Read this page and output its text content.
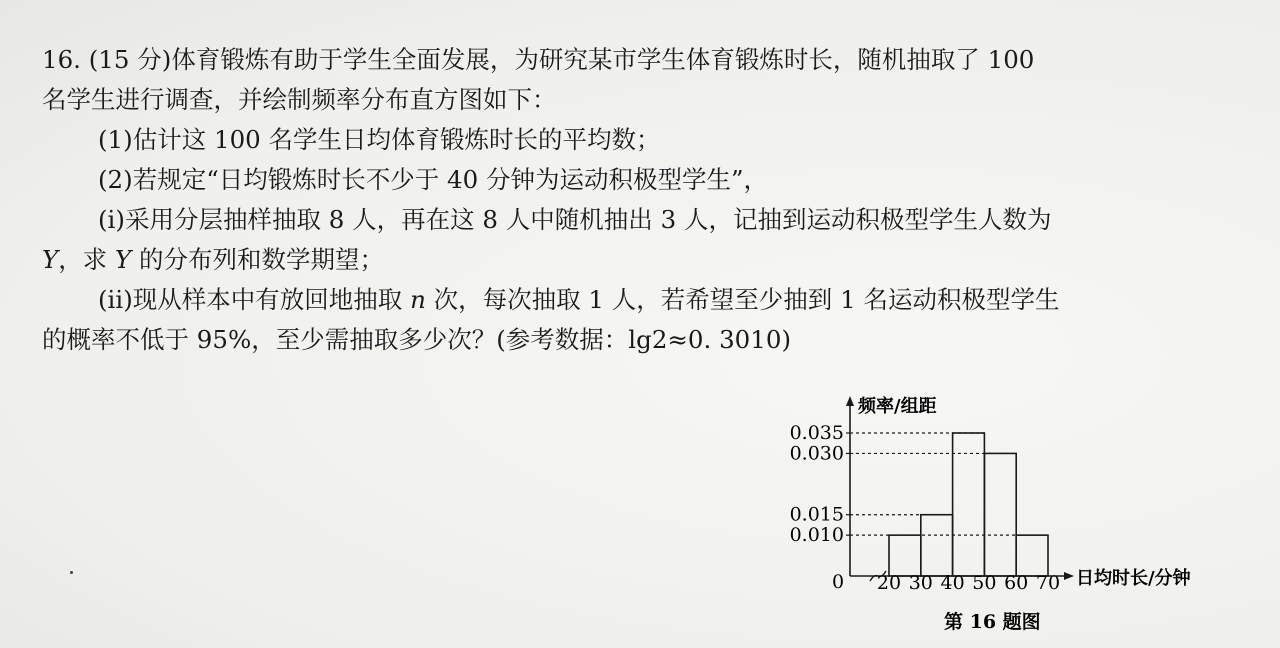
16. (15 分)体育锻炼有助于学生全面发展，为研究某市学生体育锻炼时长，随机抽取了 100
名学生进行调查，并绘制频率分布直方图如下：
(1)估计这 100 名学生日均体育锻炼时长的平均数；
(2)若规定“日均锻炼时长不少于 40 分钟为运动积极型学生”，
(ⅰ)采用分层抽样抽取 8 人，再在这 8 人中随机抽出 3 人，记抽到运动积极型学生人数为
Y，求 Y 的分布列和数学期望；
(ⅱ)现从样本中有放回地抽取 n 次，每次抽取 1 人，若希望至少抽到 1 名运动积极型学生
的概率不低于 95%，至少需抽取多少次？(参考数据：lg2≈0. 3010)
频率/组距
日均时长/分钟
0
第 16 题图
0.010
0.015
0.030
0.035
20 30 40 50 60 70
